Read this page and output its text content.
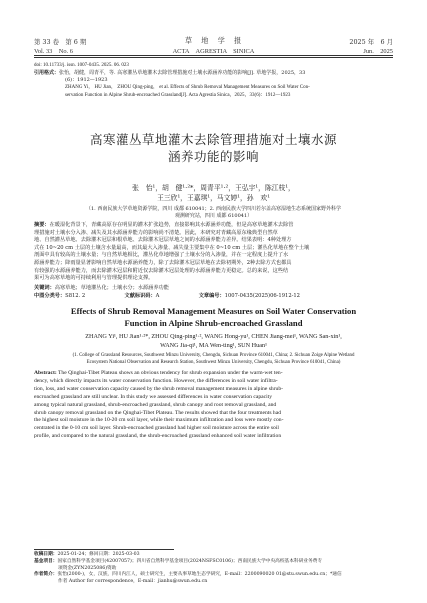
第 33 卷　第 6 期	草　地　学　报	2025 年　6 月
Vol. 33　No. 6	ACTA　AGRESTIA　SINICA	Jun.　2025
doi: 10.11733/j. issn. 1007-0435. 2025. 06. 023
引用格式：张怡，胡健，周青平，等. 高寒灌丛草地灌木去除管理措施对土壤水源涵养功能的影响[J]. 草地学报，2025，33
(6)：1912—1923
ZHANG Yi， HU Jian， ZHOU Qing-ping， et al. Effects of Shrub Removal Management Measures on Soil Water Con-
servation Function in Alpine Shrub-encroached Grassland[J]. Acta Agrestia Sinica，2025，33(6)：1912—1923
高寒灌丛草地灌木去除管理措施对土壤水源
涵养功能的影响
张　怡¹，胡　健¹·²*，周青平¹·²，王弘宇¹，陈江枝¹，
王三欣¹，王嘉琪¹，马文婷¹，孙　欢¹
（1. 西南民族大学草地资源学院，四川 成都 610041；2. 西南民族大学四川若尔盖高寒湿地生态系统国家野外科学
观测研究站，四川 成都 610041）
摘要：在暖湿化背景下，青藏高原存在明显的灌木扩张趋势，直接影响其水源涵养功能，但是高寒草地灌木去除管
理措施对土壤水分入渗、减失及其水源涵养能力的影响尚不清楚。因此，本研究对青藏高原东缘典型自然草
地、自然灌丛草地、去除灌木冠层和根草地、去除灌木冠层草地之间的水源涵养能力差异。结果表明：4种处理方
式在 10~20 cm 土层的土壤含水量最高，而其最大入渗量、减失量主要集中在 0~10 cm 土层；灌丛化草地在整个土壤
剖面中具有较高的土壤水量；与自然草地相比，灌丛化草地增强了土壤水分的入渗量，并在一定程度上提升了水
源涵养能力；降雨量显著影响自然草地水源涵养能力，除了去除灌木冠层草地在去除初期外，2种去除方式也都具
有较强的水源涵养能力，而去除灌木冠层和附近仅去除灌木冠层处理的水源涵养能力更稳定。总的来说，这些结
果可为高寒草地的可持续利用与管理提供理论支撑。
关键词：高寒草地；草地灌丛化；土壤水分；水源涵养功能
中图分类号：S812. 2	文献标识码：A	文章编号：1007-0435(2025)06-1912-12
Effects of Shrub Removal Management Measures on Soil Water Conservation
Function in Alpine Shrub-encroached Grassland
ZHANG Yi¹, HU Jian¹·²*, ZHOU Qing-ping¹·², WANG Hong-yu¹, CHEN Jiang-mei¹, WANG San-xin¹,
WANG Jia-qi¹, MA Wen-ting¹, SUN Huan¹
(1. College of Grassland Resources, Southwest Minzu University, Chengdu, Sichuan Province 610041, China; 2. Sichuan Zoige Alpine Wetland
Ecosystem National Observation and Research Station, Southwest Minzu University, Chengdu, Sichuan Province 610041, China)
Abstract: The Qinghai-Tibet Plateau shows an obvious tendency for shrub expansion under the warm-wet ten-
dency, which directly impacts its water conservation function. However, the differences in soil water infiltra-
tion, loss, and water conservation capacity caused by the shrub removal management measures in alpine shrub-
encroached grassland are still unclear. In this study we assessed differences in water conservation capacity
among typical natural grassland, shrub-encroached grassland, shrub canopy and root removal grassland, and
shrub canopy removal grassland on the Qinghai-Tibet Plateau. The results showed that the four treatments had
the highest soil moisture in the 10-20 cm soil layer, while their maximum infiltration and loss were mostly con-
centrated in the 0-10 cm soil layer. Shrub-encroached grassland had higher soil moisture across the entire soil
profile, and compared to the natural grassland, the shrub-encroached grassland enhanced soil water infiltration
收稿日期：2025-01-24；修回日期：2025-03-03
基金项目：国家自然科学基金项目(42007057)；四川省自然科学基金项目(2024NSFSC0106)；西南民族大学中央高校基本科研业务费专
项资金(ZYN2025086)资助
作者简介：张怡(2000-)，女，汉族，四川内江人，硕士研究生，主要从事草地生态学研究，E-mail：2200090020 01@stu.swun.edu.cn；*通信
作者 Author for correspondence，E-mail：jianhu@swun.edu.cn
